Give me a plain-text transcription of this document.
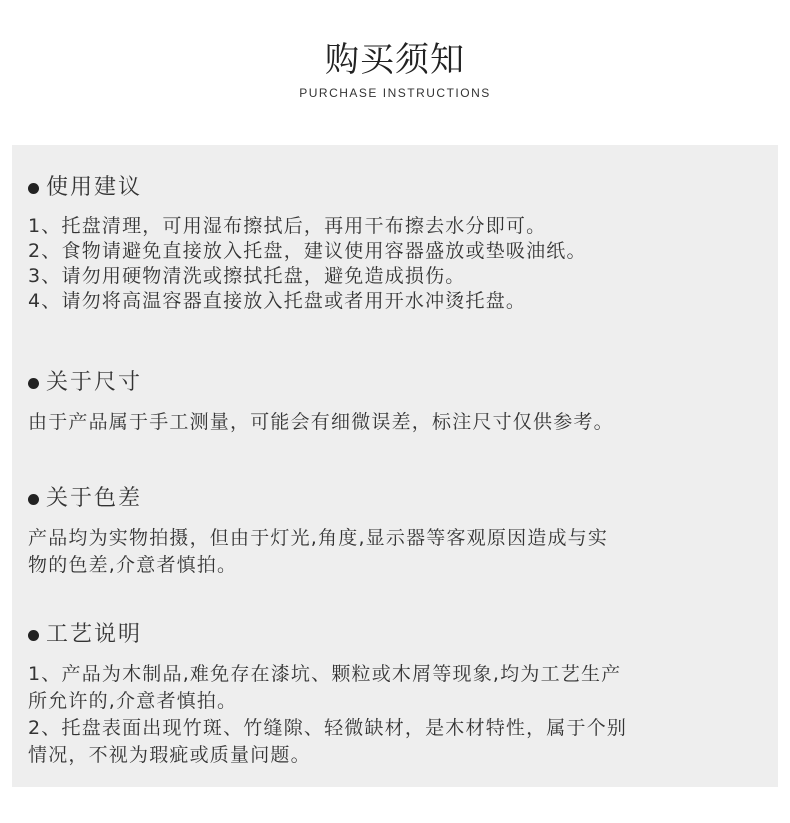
购买须知
PURCHASE INSTRUCTIONS
使用建议
1、托盘清理，可用湿布擦拭后，再用干布擦去水分即可。
2、食物请避免直接放入托盘，建议使用容器盛放或垫吸油纸。
3、请勿用硬物清洗或擦拭托盘，避免造成损伤。
4、请勿将高温容器直接放入托盘或者用开水冲烫托盘。
关于尺寸
由于产品属于手工测量，可能会有细微误差，标注尺寸仅供参考。
关于色差
产品均为实物拍摄，但由于灯光,角度,显示器等客观原因造成与实
物的色差,介意者慎拍。
工艺说明
1、产品为木制品,难免存在漆坑、颗粒或木屑等现象,均为工艺生产
所允许的,介意者慎拍。
2、托盘表面出现竹斑、竹缝隙、轻微缺材，是木材特性，属于个别
情况，不视为瑕疵或质量问题。
